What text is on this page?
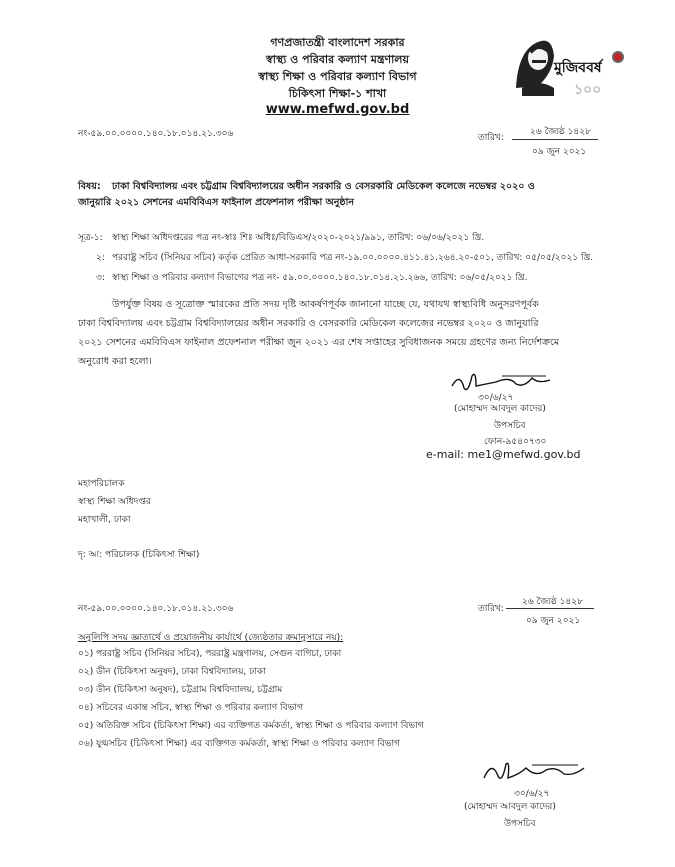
গণপ্রজাতন্ত্রী বাংলাদেশ সরকার
স্বাস্থ্য ও পরিবার কল্যাণ মন্ত্রণালয়
স্বাস্থ্য শিক্ষা ও পরিবার কল্যাণ বিভাগ
চিকিৎসা শিক্ষা-১ শাখা
www.mefwd.gov.bd
মুজিববর্ষ
১০০
নং-৫৯.০০.০০০০.১৪০.১৮.০১৪.২১.৩০৬	তারিখ:
২৬ জ্যৈষ্ঠ ১৪২৮
০৯ জুন ২০২১
বিষয়: ঢাকা বিশ্ববিদ্যালয় এবং চট্টগ্রাম বিশ্ববিদ্যালয়ের অধীন সরকারি ও বেসরকারি মেডিকেল কলেজে নভেম্বর ২০২০ ও
জানুয়ারি ২০২১ সেশনের এমবিবিএস ফাইনাল প্রফেশনাল পরীক্ষা অনুষ্ঠান
সূত্র-১: স্বাস্থ্য শিক্ষা অধিদপ্তরের পত্র নং-স্বাঃ শিঃ অধিঃ/বিডিএস/২০২০-২০২১/৯৯১, তারিখ: ০৬/০৬/২০২১ খ্রি.
২: পররাষ্ট্র সচিব (সিনিয়র সচিব) কর্তৃক প্রেরিত আধা-সরকারি পত্র নং-১৯.০০.০০০০.৪১১.৪১.২৬৪.২০-৫০১, তারিখ: ০৫/০৫/২০২১ খ্রি.
৩: স্বাস্থ্য শিক্ষা ও পরিবার কল্যাণ বিভাগের পত্র নং- ৫৯.০০.০০০০.১৪০.১৮.০১৪.২১.২৬৬, তারিখ: ০৬/০৫/২০২১ খ্রি.
উপর্যুক্ত বিষয় ও সূত্রোক্ত স্মারকের প্রতি সদয় দৃষ্টি আকর্ষণপূর্বক জানানো যাচ্ছে যে, যথাযথ স্বাস্থ্যবিধি অনুসরণপূর্বক
ঢাকা বিশ্ববিদ্যালয় এবং চট্টগ্রাম বিশ্ববিদ্যালয়ের অধীন সরকারি ও বেসরকারি মেডিকেল কলেজের নভেম্বর ২০২০ ও জানুয়ারি
২০২১ সেশনের এমবিবিএস ফাইনাল প্রফেশনাল পরীক্ষা জুন ২০২১ এর শেষ সপ্তাহের সুবিধাজনক সময়ে গ্রহণের জন্য নির্দেশক্রমে
অনুরোধ করা হলো।
৩০/৬/২৭
(মোহাম্মদ আবদুল কাদের)
উপসচিব
ফোন-৯৫৪০৭৩০
e-mail: me1@mefwd.gov.bd
মহাপরিচালক
স্বাস্থ্য শিক্ষা অধিদপ্তর
মহাখালী, ঢাকা
দৃ: আ: পরিচালক (চিকিৎসা শিক্ষা)
নং-৫৯.০০.০০০০.১৪০.১৮.০১৪.২১.৩০৬	তারিখ:
২৬ জ্যৈষ্ঠ ১৪২৮
০৯ জুন ২০২১
অনুলিপি সদয় জ্ঞাতার্থে ও প্রয়োজনীয় কার্যার্থে (জ্যেষ্ঠতার ক্রমানুসারে নয়):
০১) পররাষ্ট্র সচিব (সিনিয়র সচিব), পররাষ্ট্র মন্ত্রণালয়, সেগুন বাগিচা, ঢাকা
০২) ডীন (চিকিৎসা অনুষদ), ঢাকা বিশ্ববিদ্যালয়, ঢাকা
০৩) ডীন (চিকিৎসা অনুষদ), চট্টগ্রাম বিশ্ববিদ্যালয়, চট্টগ্রাম
০৪) সচিবের একান্ত সচিব, স্বাস্থ্য শিক্ষা ও পরিবার কল্যাণ বিভাগ
০৫) অতিরিক্ত সচিব (চিকিৎসা শিক্ষা) এর ব্যক্তিগত কর্মকর্তা, স্বাস্থ্য শিক্ষা ও পরিবার কল্যাণ বিভাগ
০৬) যুগ্মসচিব (চিকিৎসা শিক্ষা) এর ব্যক্তিগত কর্মকর্তা, স্বাস্থ্য শিক্ষা ও পরিবার কল্যাণ বিভাগ
৩০/৬/২৭
(মোহাম্মদ আবদুল কাদের)
উপসচিব
